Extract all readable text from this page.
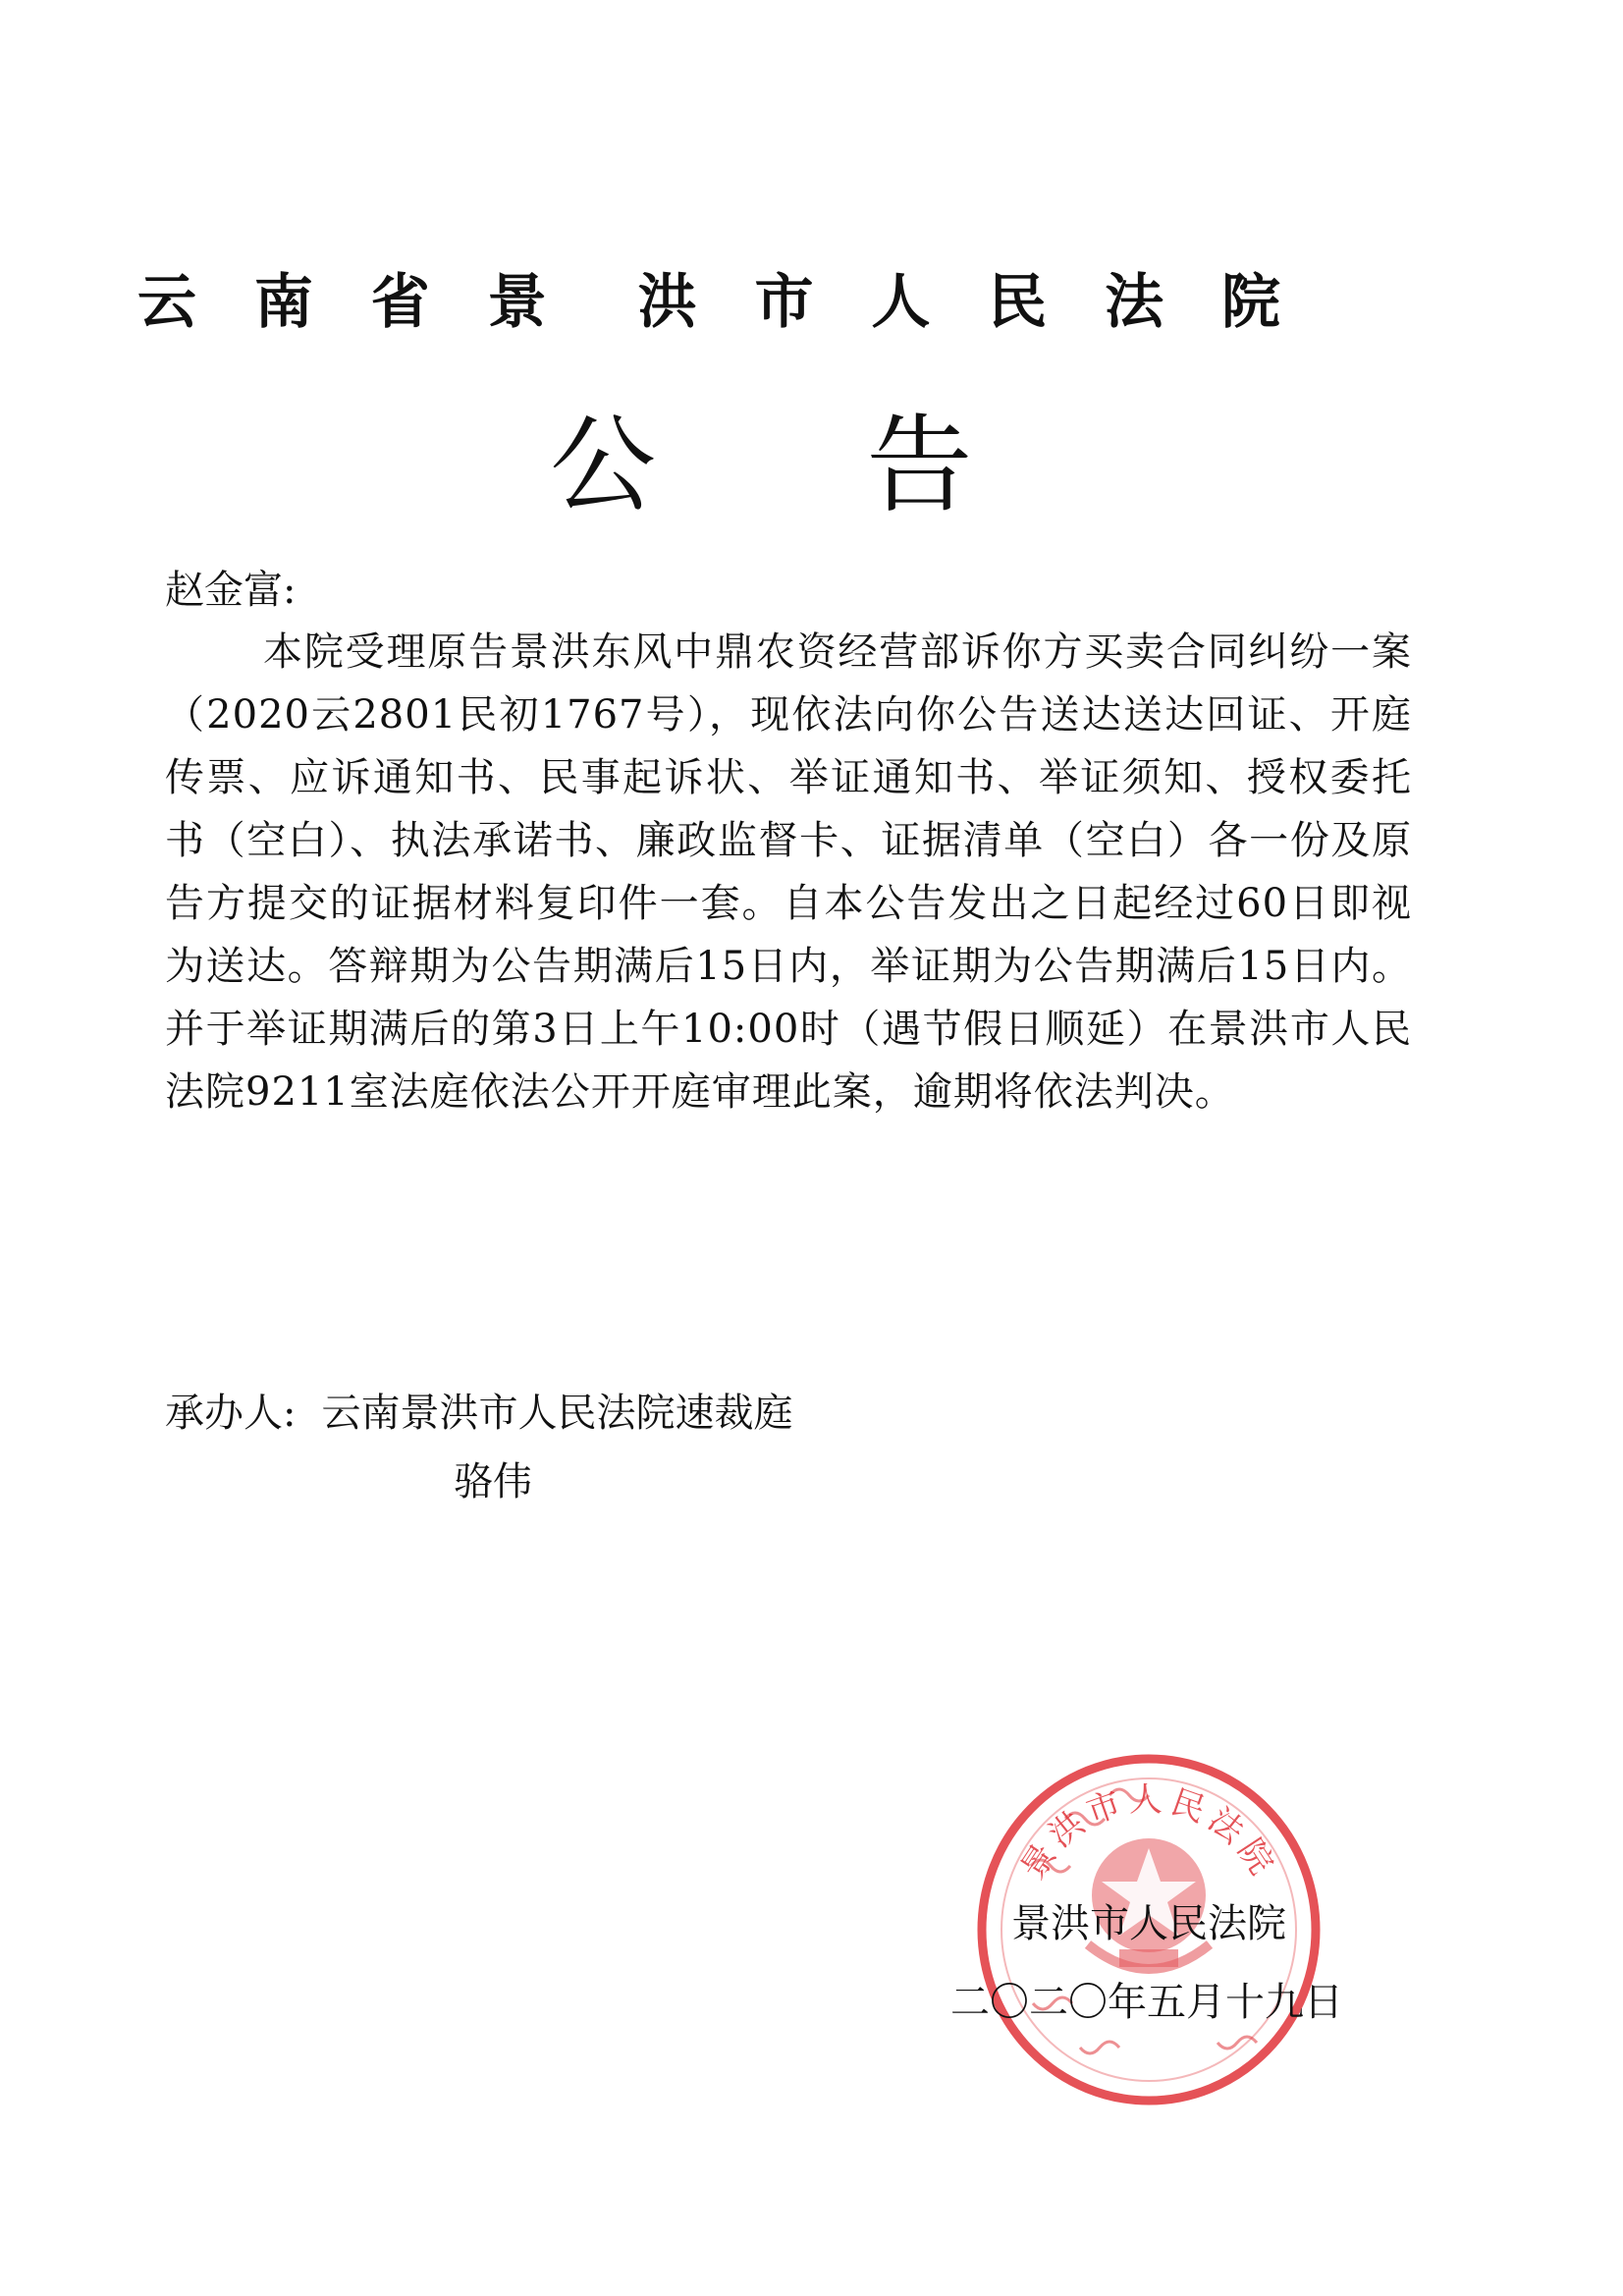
云 南 省 景 洪 市 人 民 法 院
公 告
赵金富:
本院受理原告景洪东风中鼎农资经营部诉你方买卖合同纠纷一案（2020云2801民初1767号），现依法向你公告送达送达回证、开庭传票、应诉通知书、民事起诉状、举证通知书、举证须知、授权委托书（空白）、执法承诺书、廉政监督卡、证据清单（空白）各一份及原告方提交的证据材料复印件一套。自本公告发出之日起经过60日即视为送达。答辩期为公告期满后15日内，举证期为公告期满后15日内。并于举证期满后的第3日上午10:00时（遇节假日顺延）在景洪市人民法院9211室法庭依法公开开庭审理此案，逾期将依法判决。
承办人: 云南景洪市人民法院速裁庭
骆伟
景洪市人民法院
景洪市人民法院
二〇二〇年五月十九日
